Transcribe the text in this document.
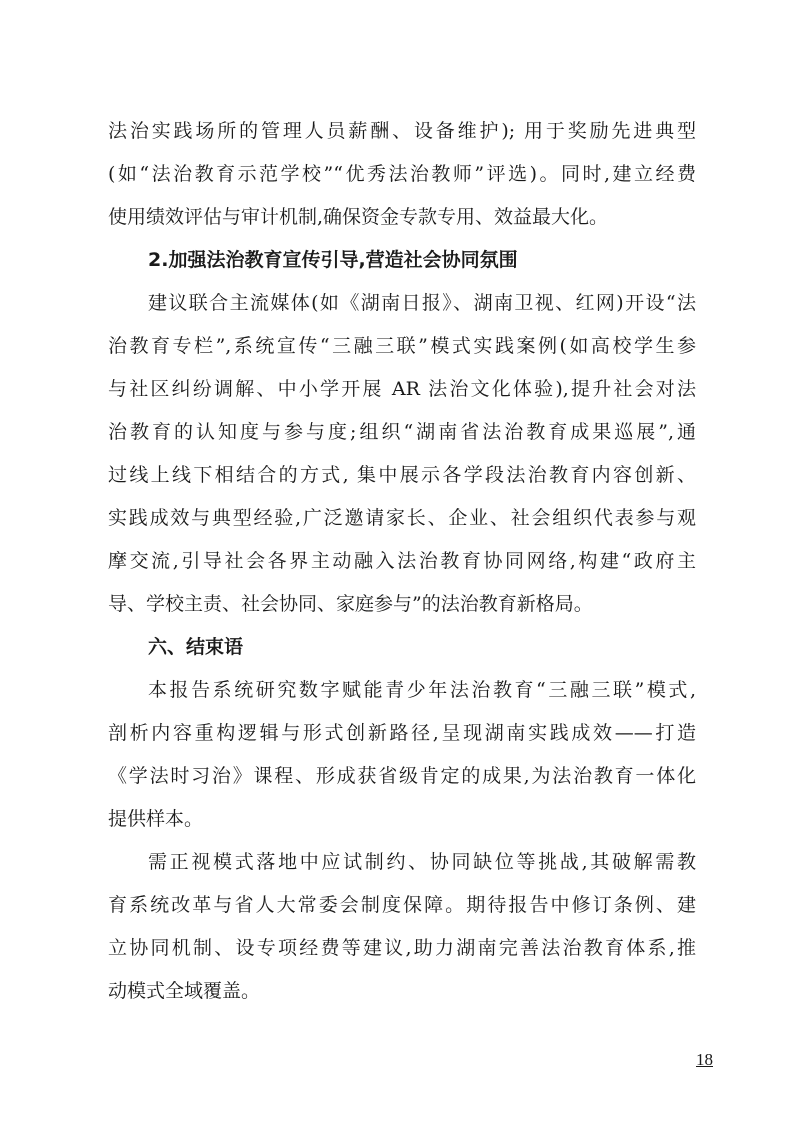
法治实践场所的管理人员薪酬、设备维护); 用于奖励先进典型
(如“法治教育示范学校”“优秀法治教师”评选)。同时,建立经费
使用绩效评估与审计机制,确保资金专款专用、效益最大化。
2.加强法治教育宣传引导,营造社会协同氛围
建议联合主流媒体(如《湖南日报》、湖南卫视、红网)开设“法
治教育专栏”,系统宣传“三融三联”模式实践案例(如高校学生参
与社区纠纷调解、中小学开展 AR 法治文化体验),提升社会对法
治教育的认知度与参与度;组织“湖南省法治教育成果巡展”,通
过线上线下相结合的方式, 集中展示各学段法治教育内容创新、
实践成效与典型经验,广泛邀请家长、企业、社会组织代表参与观
摩交流,引导社会各界主动融入法治教育协同网络,构建“政府主
导、学校主责、社会协同、家庭参与”的法治教育新格局。
六、结束语
本报告系统研究数字赋能青少年法治教育“三融三联”模式,
剖析内容重构逻辑与形式创新路径,呈现湖南实践成效——打造
《学法时习治》课程、形成获省级肯定的成果,为法治教育一体化
提供样本。
需正视模式落地中应试制约、协同缺位等挑战,其破解需教
育系统改革与省人大常委会制度保障。期待报告中修订条例、建
立协同机制、设专项经费等建议,助力湖南完善法治教育体系,推
动模式全域覆盖。
18
